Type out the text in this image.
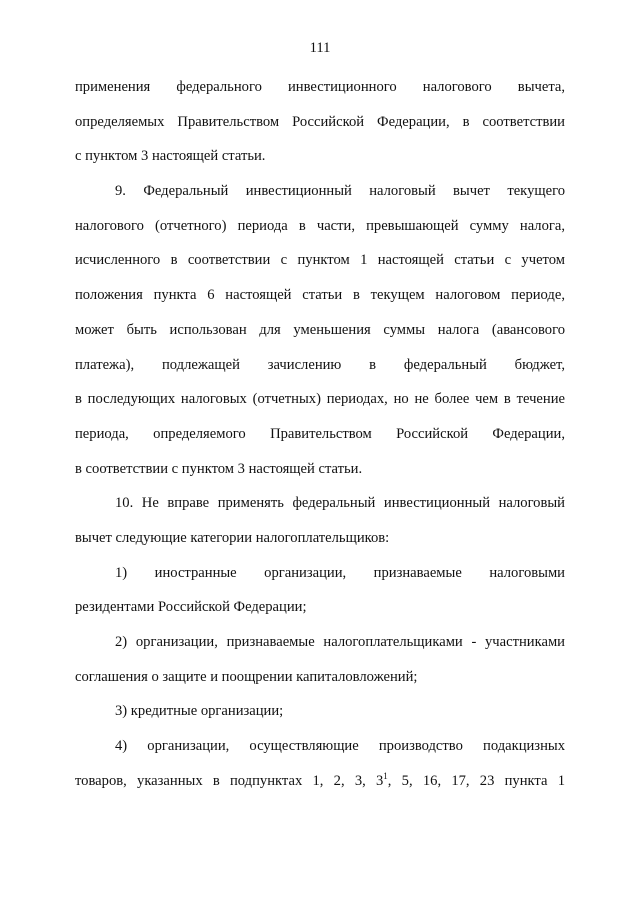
111
применения федерального инвестиционного налогового вычета,
определяемых Правительством Российской Федерации, в соответствии
с пунктом 3 настоящей статьи.
9. Федеральный инвестиционный налоговый вычет текущего
налогового (отчетного) периода в части, превышающей сумму налога,
исчисленного в соответствии с пунктом 1 настоящей статьи с учетом
положения пункта 6 настоящей статьи в текущем налоговом периоде,
может быть использован для уменьшения суммы налога (авансового
платежа), подлежащей зачислению в федеральный бюджет,
в последующих налоговых (отчетных) периодах, но не более чем в течение
периода, определяемого Правительством Российской Федерации,
в соответствии с пунктом 3 настоящей статьи.
10. Не вправе применять федеральный инвестиционный налоговый
вычет следующие категории налогоплательщиков:
1) иностранные организации, признаваемые налоговыми
резидентами Российской Федерации;
2) организации, признаваемые налогоплательщиками - участниками
соглашения о защите и поощрении капиталовложений;
3) кредитные организации;
4) организации, осуществляющие производство подакцизных
товаров, указанных в подпунктах 1, 2, 3, $3^1$, 5, 16, 17, 23 пункта 1
